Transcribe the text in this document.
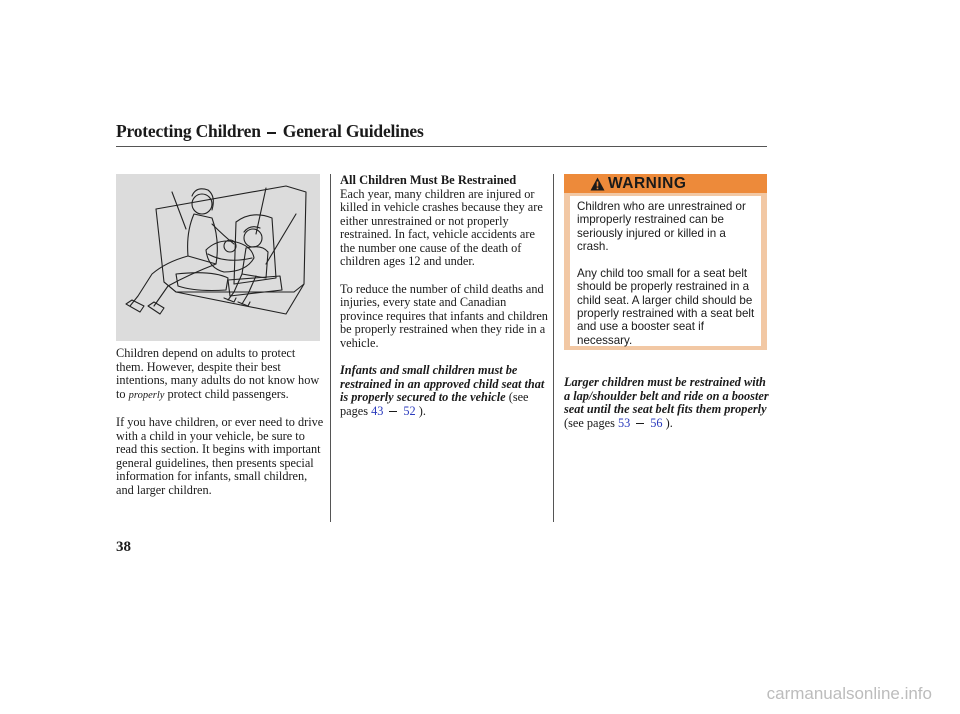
Protecting Children General Guidelines

Children depend on adults to protect them. However, despite their best intentions, many adults do not know how to properly protect child passengers.

If you have children, or ever need to drive with a child in your vehicle, be sure to read this section. It begins with important general guidelines, then presents special information for infants, small children, and larger children.

All Children Must Be Restrained

Each year, many children are injured or killed in vehicle crashes because they are either unrestrained or not properly restrained. In fact, vehicle accidents are the number one cause of the death of children ages 12 and under.

To reduce the number of child deaths and injuries, every state and Canadian province requires that infants and children be properly restrained when they ride in a vehicle.

Infants and small children must be restrained in an approved child seat that is properly secured to the vehicle (see pages 43 52 ).

WARNING

Children who are unrestrained or improperly restrained can be seriously injured or killed in a crash.

Any child too small for a seat belt should be properly restrained in a child seat. A larger child should be properly restrained with a seat belt and use a booster seat if necessary.

Larger children must be restrained with a lap/shoulder belt and ride on a booster seat until the seat belt fits them properly (see pages 53 56 ).

38
carmanualsonline.info
